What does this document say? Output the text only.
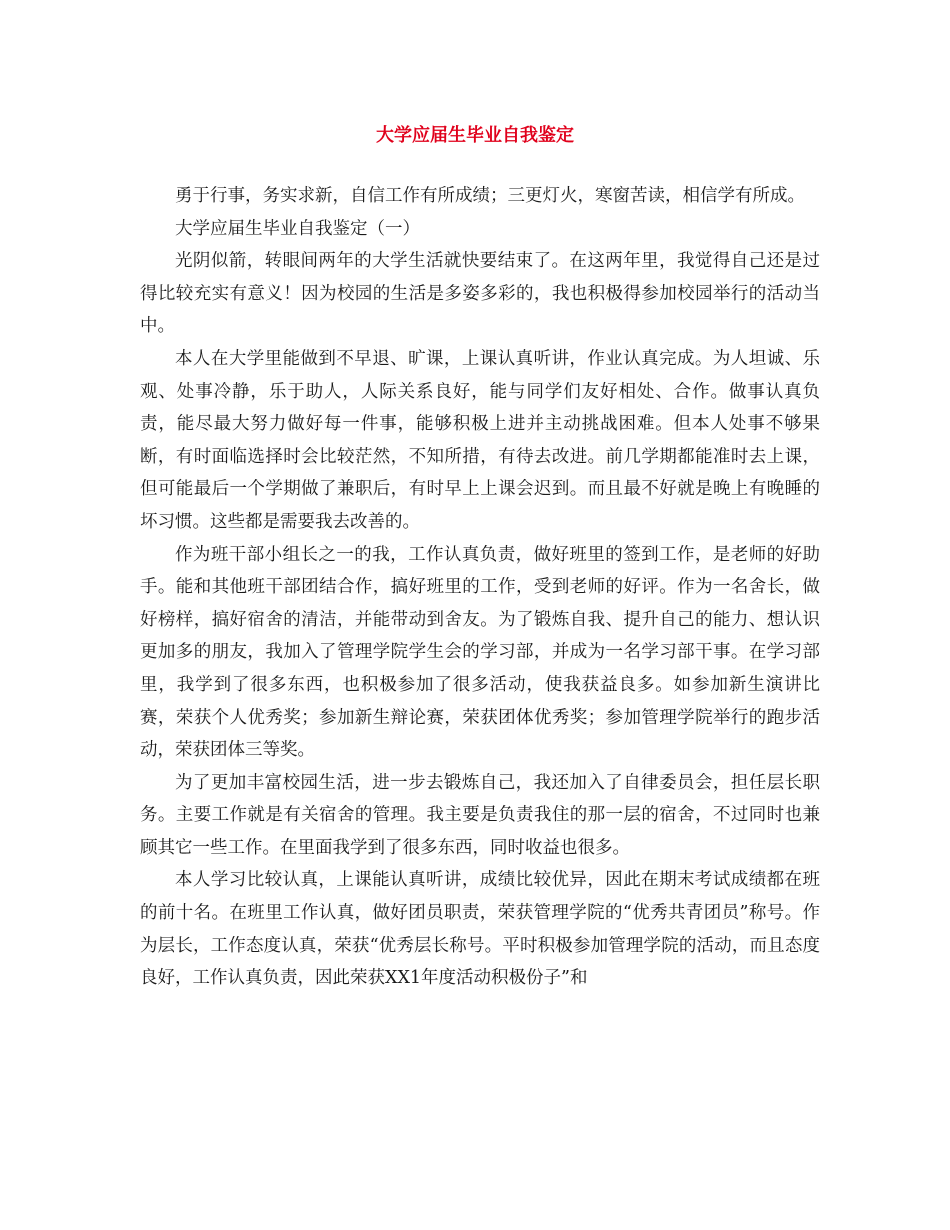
大学应届生毕业自我鉴定

勇于行事，务实求新，自信工作有所成绩；三更灯火，寒窗苦读，相信学有所成。

大学应届生毕业自我鉴定（一）

光阴似箭，转眼间两年的大学生活就快要结束了。在这两年里，我觉得自己还是过得比较充实有意义！因为校园的生活是多姿多彩的，我也积极得参加校园举行的活动当中。

本人在大学里能做到不早退、旷课，上课认真听讲，作业认真完成。为人坦诚、乐观、处事冷静，乐于助人，人际关系良好，能与同学们友好相处、合作。做事认真负责，能尽最大努力做好每一件事，能够积极上进并主动挑战困难。但本人处事不够果断，有时面临选择时会比较茫然，不知所措，有待去改进。前几学期都能准时去上课，但可能最后一个学期做了兼职后，有时早上上课会迟到。而且最不好就是晚上有晚睡的坏习惯。这些都是需要我去改善的。

作为班干部小组长之一的我，工作认真负责，做好班里的签到工作，是老师的好助手。能和其他班干部团结合作，搞好班里的工作，受到老师的好评。作为一名舍长，做好榜样，搞好宿舍的清洁，并能带动到舍友。为了锻炼自我、提升自己的能力、想认识更加多的朋友，我加入了管理学院学生会的学习部，并成为一名学习部干事。在学习部里，我学到了很多东西，也积极参加了很多活动，使我获益良多。如参加新生演讲比赛，荣获个人优秀奖；参加新生辩论赛，荣获团体优秀奖；参加管理学院举行的跑步活动，荣获团体三等奖。

为了更加丰富校园生活，进一步去锻炼自己，我还加入了自律委员会，担任层长职务。主要工作就是有关宿舍的管理。我主要是负责我住的那一层的宿舍，不过同时也兼顾其它一些工作。在里面我学到了很多东西，同时收益也很多。

本人学习比较认真，上课能认真听讲，成绩比较优异，因此在期末考试成绩都在班的前十名。在班里工作认真，做好团员职责，荣获管理学院的“优秀共青团员”称号。作为层长，工作态度认真，荣获“优秀层长称号。平时积极参加管理学院的活动，而且态度良好，工作认真负责，因此荣获XX1年度活动积极份子”和
